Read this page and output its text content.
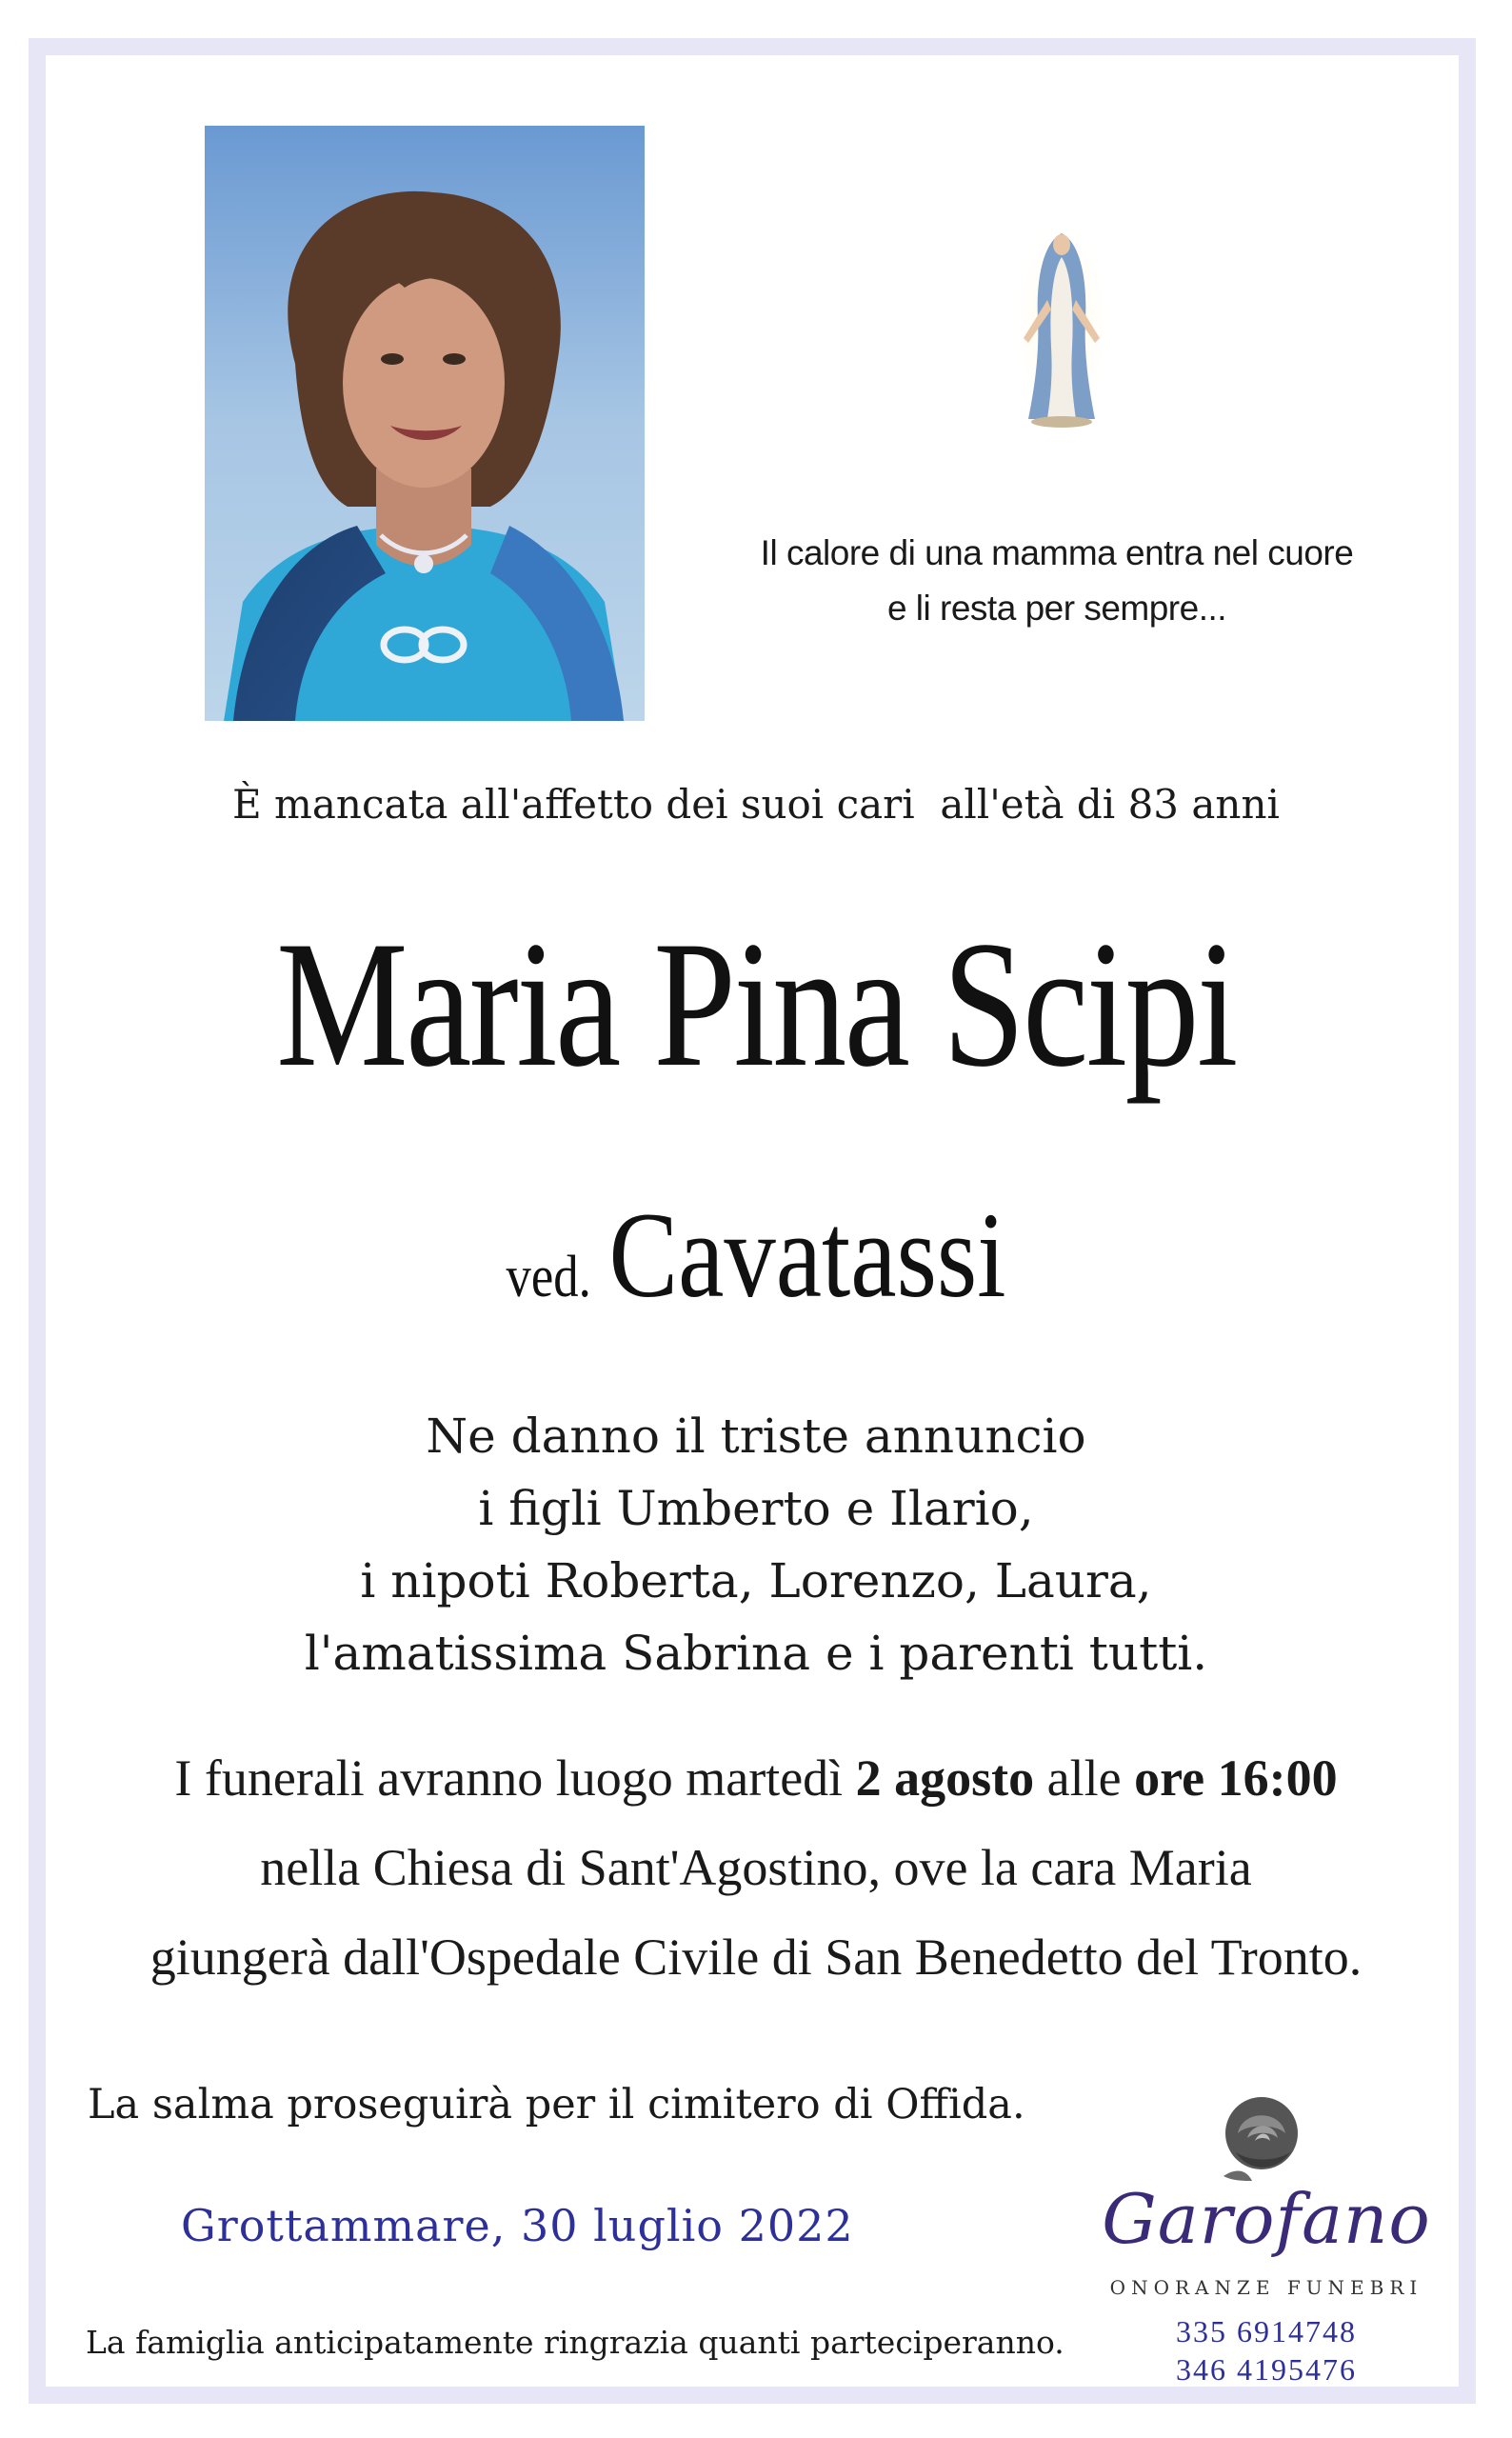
Il calore di una mamma entra nel cuore
e li resta per sempre...
È mancata all'affetto dei suoi cari  all'età di 83 anni
Maria Pina Scipi
ved. Cavatassi
Ne danno il triste annuncio
i figli Umberto e Ilario,
i nipoti Roberta, Lorenzo, Laura,
l'amatissima Sabrina e i parenti tutti.
I funerali avranno luogo martedì 2 agosto alle ore 16:00
nella Chiesa di Sant'Agostino, ove la cara Maria
giungerà dall'Ospedale Civile di San Benedetto del Tronto.
La salma proseguirà per il cimitero di Offida.
Grottammare, 30 luglio 2022
La famiglia anticipatamente ringrazia quanti parteciperanno.
Garofano
ONORANZE FUNEBRI
335 6914748
346 4195476
